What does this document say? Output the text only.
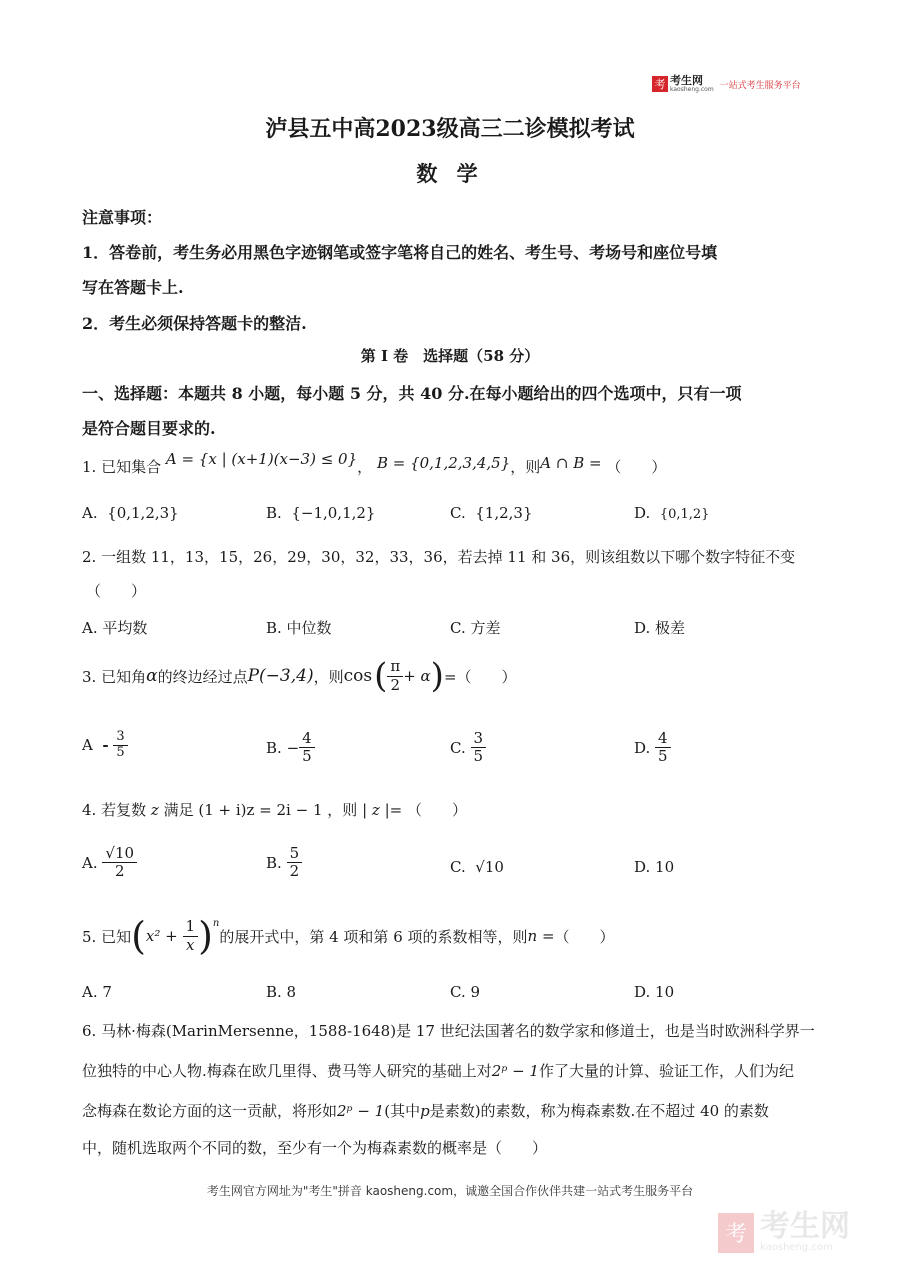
考 考生网
kaosheng.com 一站式考生服务平台
泸县五中高2023级高三二诊模拟考试
数 学
注意事项：
1．答卷前，考生务必用黑色字迹钢笔或签字笔将自己的姓名、考生号、考场号和座位号填
写在答题卡上.
2．考生必须保持答题卡的整洁.
第 I 卷　选择题（58 分）
一、选择题：本题共 8 小题，每小题 5 分，共 40 分.在每小题给出的四个选项中，只有一项
是符合题目要求的.
1. 已知集合 A = {x | (x+1)(x−3) ≤ 0}， B = {0,1,2,3,4,5}，则A ∩ B = （　　）
A. {0,1,2,3}	B. {−1,0,1,2}	C. {1,2,3}	D. {0,1,2}
2. 一组数 11，13，15，26，29，30，32，33，36，若去掉 11 和 36，则该组数以下哪个数字特征不变
（　　）
A. 平均数	B. 中位数	C. 方差	D. 极差
3. 已知角 α 的终边经过点 P(−3,4) ，则 cos ( $\frac{\pi}{2} + \alpha$ ) =（　　）
A
-
$\frac{3}{5}$	B.
− $\frac{4}{5}$	C.
$\frac{3}{5}$	D.
$\frac{4}{5}$
4. 若复数 z 满足 (1 + i)z = 2i − 1 ，则 | z |= （　　）
A.
$\frac{√10}{2}$	B.
$\frac{5}{2}$	C. √10	D. 10
5. 已知 ( x² +
$\frac{1}{x}$ ) n
的展开式中，第 4 项和第 6 项的系数相等，则 n = （　　）
A. 7	B. 8	C. 9	D. 10
6. 马林·梅森(MarinMersenne，1588-1648)是 17 世纪法国著名的数学家和修道士，也是当时欧洲科学界一
位独特的中心人物.梅森在欧几里得、费马等人研究的基础上对2ᵖ − 1作了大量的计算、验证工作，人们为纪
念梅森在数论方面的这一贡献，将形如2ᵖ − 1(其中p是素数)的素数，称为梅森素数.在不超过 40 的素数
中，随机选取两个不同的数，至少有一个为梅森素数的概率是（　　）
考生网官方网址为"考生"拼音 kaosheng.com，诚邀全国合作伙伴共建一站式考生服务平台
考 考生网
kaosheng.com
